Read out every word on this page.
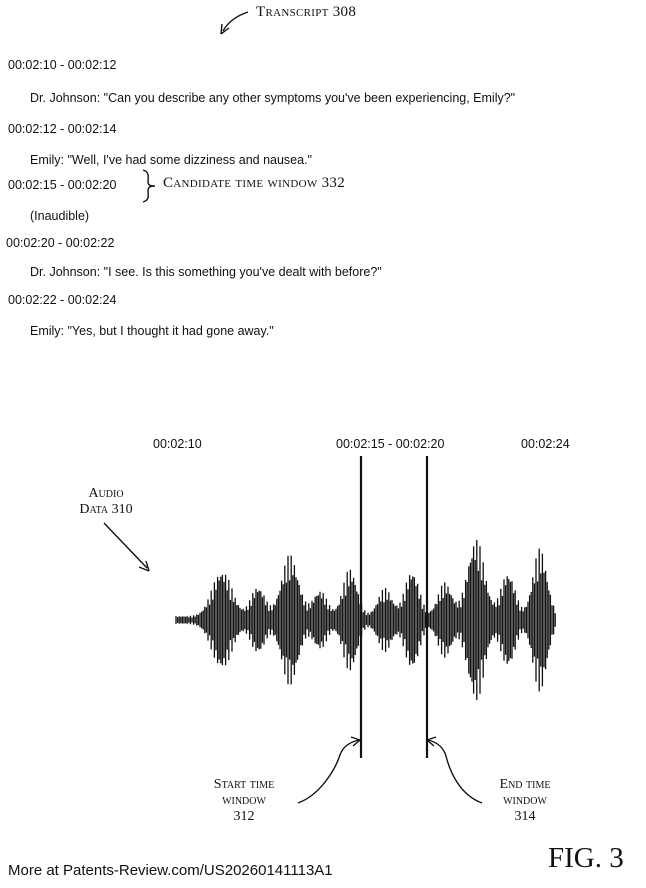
Transcript 308
00:02:10 - 00:02:12
Dr. Johnson: "Can you describe any other symptoms you've been experiencing, Emily?"
00:02:12 - 00:02:14
Emily: "Well, I've had some dizziness and nausea."
00:02:15 - 00:02:20	Candidate time window 332
(Inaudible)
00:02:20 - 00:02:22
Dr. Johnson: "I see. Is this something you've dealt with before?"
00:02:22 - 00:02:24
Emily: "Yes, but I thought it had gone away."
00:02:10	00:02:15 - 00:02:20	00:02:24
Audio
Data 310
Start time
window
312
End time
window
314
More at Patents-Review.com/US20260141113A1	FIG. 3
